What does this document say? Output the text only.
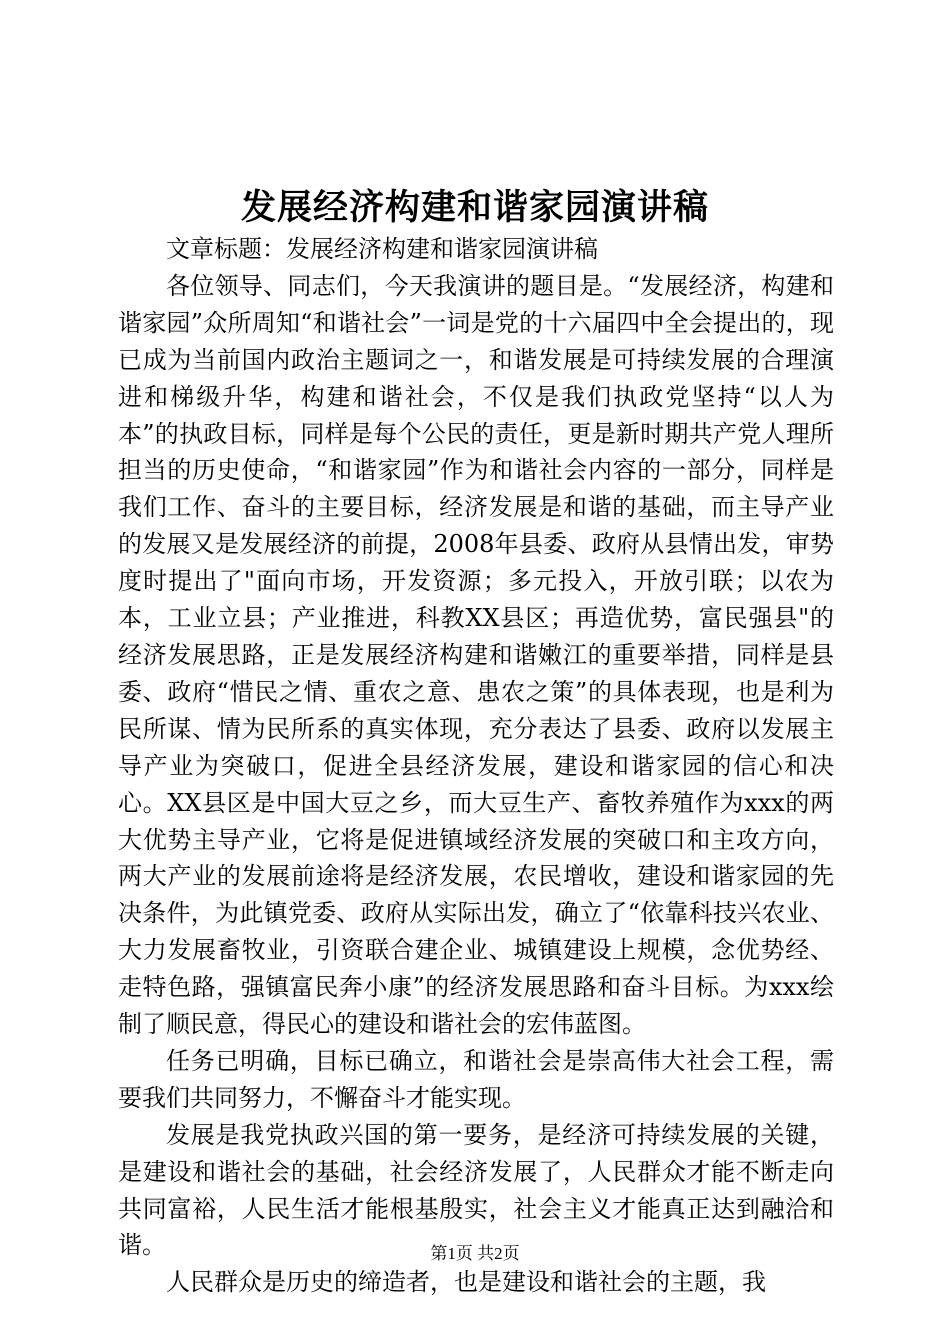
发展经济构建和谐家园演讲稿

文章标题：发展经济构建和谐家园演讲稿

各位领导、同志们，今天我演讲的题目是。“发展经济，构建和谐家园”众所周知“和谐社会”一词是党的十六届四中全会提出的，现已成为当前国内政治主题词之一，和谐发展是可持续发展的合理演进和梯级升华，构建和谐社会，不仅是我们执政党坚持“以人为本”的执政目标，同样是每个公民的责任，更是新时期共产党人理所担当的历史使命，“和谐家园”作为和谐社会内容的一部分，同样是我们工作、奋斗的主要目标，经济发展是和谐的基础，而主导产业的发展又是发展经济的前提，2008年县委、政府从县情出发，审势度时提出了"面向市场，开发资源；多元投入，开放引联；以农为本，工业立县；产业推进，科教XX县区；再造优势，富民强县"的经济发展思路，正是发展经济构建和谐嫩江的重要举措，同样是县委、政府“惜民之情、重农之意、患农之策”的具体表现，也是利为民所谋、情为民所系的真实体现，充分表达了县委、政府以发展主导产业为突破口，促进全县经济发展，建设和谐家园的信心和决心。XX县区是中国大豆之乡，而大豆生产、畜牧养殖作为xxx的两大优势主导产业，它将是促进镇域经济发展的突破口和主攻方向，两大产业的发展前途将是经济发展，农民增收，建设和谐家园的先决条件，为此镇党委、政府从实际出发，确立了“依靠科技兴农业、大力发展畜牧业，引资联合建企业、城镇建设上规模，念优势经、走特色路，强镇富民奔小康”的经济发展思路和奋斗目标。为xxx绘制了顺民意，得民心的建设和谐社会的宏伟蓝图。

任务已明确，目标已确立，和谐社会是崇高伟大社会工程，需要我们共同努力，不懈奋斗才能实现。

发展是我党执政兴国的第一要务，是经济可持续发展的关键，是建设和谐社会的基础，社会经济发展了，人民群众才能不断走向共同富裕，人民生活才能根基殷实，社会主义才能真正达到融洽和谐。

人民群众是历史的缔造者，也是建设和谐社会的主题，我

第1页 共2页
